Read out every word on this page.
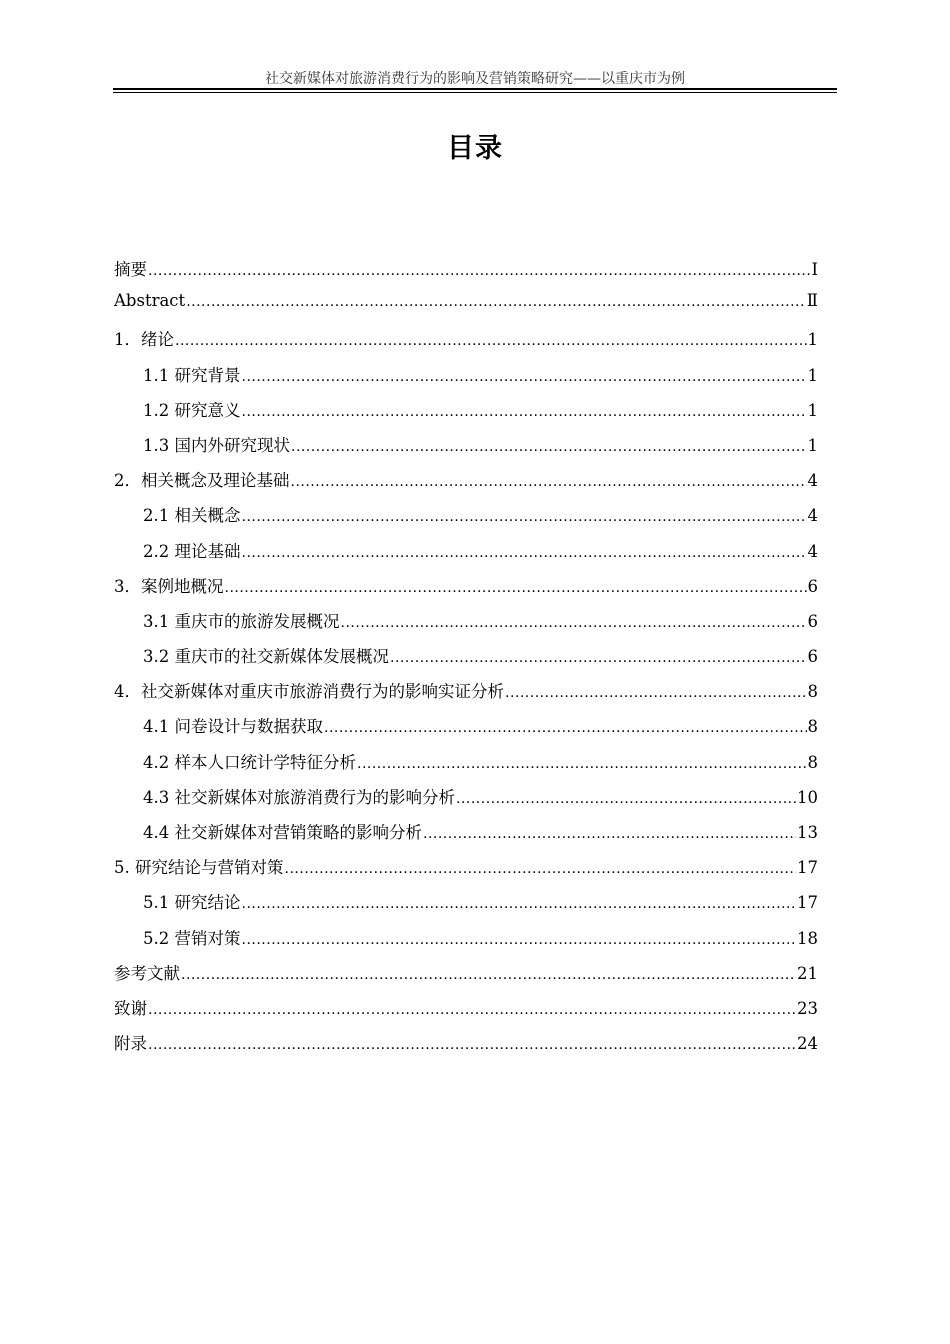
社交新媒体对旅游消费行为的影响及营销策略研究——以重庆市为例
目录
摘要 .....	Ⅰ
Abstract .....	Ⅱ
1．绪论 .....	1
1.1 研究背景 .....	1
1.2 研究意义 .....	1
1.3 国内外研究现状 .....	1
2．相关概念及理论基础 .....	4
2.1 相关概念 .....	4
2.2 理论基础 .....	4
3．案例地概况 .....	6
3.1 重庆市的旅游发展概况 .....	6
3.2 重庆市的社交新媒体发展概况 .....	6
4．社交新媒体对重庆市旅游消费行为的影响实证分析 .....	8
4.1 问卷设计与数据获取 .....	8
4.2 样本人口统计学特征分析 .....	8
4.3 社交新媒体对旅游消费行为的影响分析 .....	10
4.4 社交新媒体对营销策略的影响分析 .....	13
5. 研究结论与营销对策 .....	17
5.1 研究结论 .....	17
5.2 营销对策 .....	18
参考文献 .....	21
致谢 .....	23
附录 .....	24
